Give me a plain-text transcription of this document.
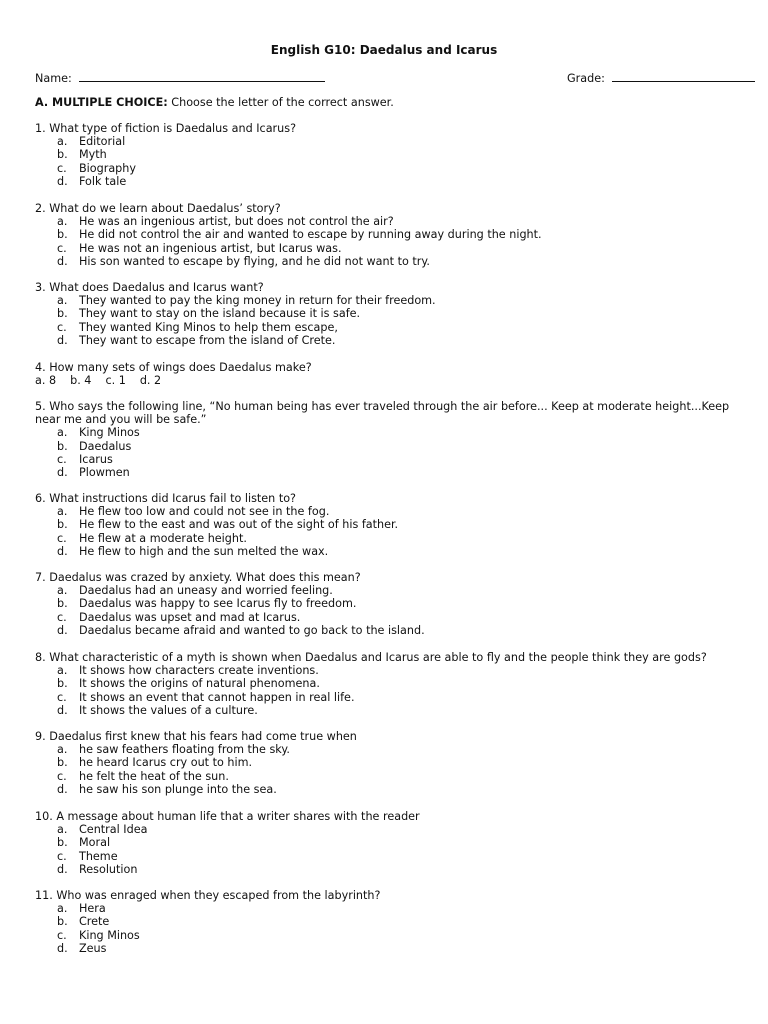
English G10: Daedalus and Icarus
Name:	Grade:
A. MULTIPLE CHOICE: Choose the letter of the correct answer.
1. What type of fiction is Daedalus and Icarus?
a. Editorial
b. Myth
c. Biography
d. Folk tale
2. What do we learn about Daedalus’ story?
a. He was an ingenious artist, but does not control the air?
b. He did not control the air and wanted to escape by running away during the night.
c. He was not an ingenious artist, but Icarus was.
d. His son wanted to escape by flying, and he did not want to try.
3. What does Daedalus and Icarus want?
a. They wanted to pay the king money in return for their freedom.
b. They want to stay on the island because it is safe.
c. They wanted King Minos to help them escape,
d. They want to escape from the island of Crete.
4. How many sets of wings does Daedalus make?
a. 8 b. 4 c. 1 d. 2
5. Who says the following line, “No human being has ever traveled through the air before... Keep at moderate height...Keep near me and you will be safe.”
a. King Minos
b. Daedalus
c. Icarus
d. Plowmen
6. What instructions did Icarus fail to listen to?
a. He flew too low and could not see in the fog.
b. He flew to the east and was out of the sight of his father.
c. He flew at a moderate height.
d. He flew to high and the sun melted the wax.
7. Daedalus was crazed by anxiety. What does this mean?
a. Daedalus had an uneasy and worried feeling.
b. Daedalus was happy to see Icarus fly to freedom.
c. Daedalus was upset and mad at Icarus.
d. Daedalus became afraid and wanted to go back to the island.
8. What characteristic of a myth is shown when Daedalus and Icarus are able to fly and the people think they are gods?
a. It shows how characters create inventions.
b. It shows the origins of natural phenomena.
c. It shows an event that cannot happen in real life.
d. It shows the values of a culture.
9. Daedalus first knew that his fears had come true when
a. he saw feathers floating from the sky.
b. he heard Icarus cry out to him.
c. he felt the heat of the sun.
d. he saw his son plunge into the sea.
10. A message about human life that a writer shares with the reader
a. Central Idea
b. Moral
c. Theme
d. Resolution
11. Who was enraged when they escaped from the labyrinth?
a. Hera
b. Crete
c. King Minos
d. Zeus
